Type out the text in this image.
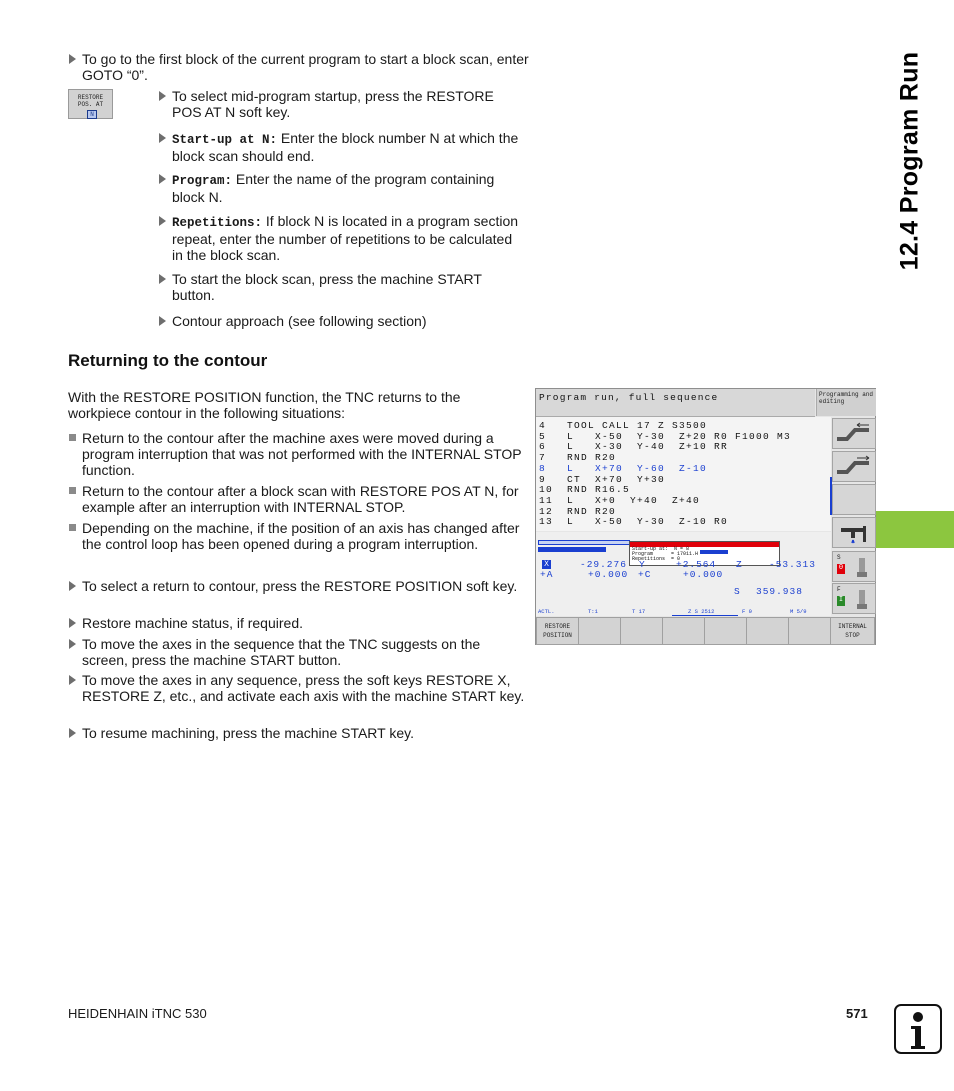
12.4 Program Run
To go to the first block of the current program to start a block scan, enter GOTO “0”.
RESTORE
POS. AT
N
To select mid-program startup, press the RESTORE POS AT N soft key.
Start-up at N: Enter the block number N at which the block scan should end.
Program: Enter the name of the program containing block N.
Repetitions: If block N is located in a program section repeat, enter the number of repetitions to be calculated in the block scan.
To start the block scan, press the machine START button.
Contour approach (see following section)
Returning to the contour
With the RESTORE POSITION function, the TNC returns to the workpiece contour in the following situations:
Return to the contour after the machine axes were moved during a program interruption that was not performed with the INTERNAL STOP function.
Return to the contour after a block scan with RESTORE POS AT N, for example after an interruption with INTERNAL STOP.
Depending on the machine, if the position of an axis has changed after the control loop has been opened during a program interruption.
To select a return to contour, press the RESTORE POSITION soft key.
Restore machine status, if required.
To move the axes in the sequence that the TNC suggests on the screen, press the machine START button.
To move the axes in any sequence, press the soft keys RESTORE X, RESTORE Z, etc., and activate each axis with the machine START key.
To resume machining, press the machine START key.
Program run, full sequence	Programming and editing
4   TOOL CALL 17 Z S3500
5   L   X-50  Y-30  Z+20 R0 F1000 M3
6   L   X-30  Y-40  Z+10 RR
7   RND R20
8   L   X+70  Y-60  Z-10
9   CT  X+70  Y+30
10  RND R16.5
11  L   X+0  Y+40  Z+40
12  RND R20
13  L   X-50  Y-30  Z-10 R0
S
0
F
I
Start-up at:  N = 8
Program      = 17011.H
Repetitions  = 0
X	-29.276 Y	+2.564 Z	-53.313
+A	+0.000 +C	+0.000
S 359.938
ACTL.	T:1	T 17	Z S 2512	F 0	M 5/9
RESTORE
POSITION
INTERNAL
STOP
HEIDENHAIN iTNC 530	571
